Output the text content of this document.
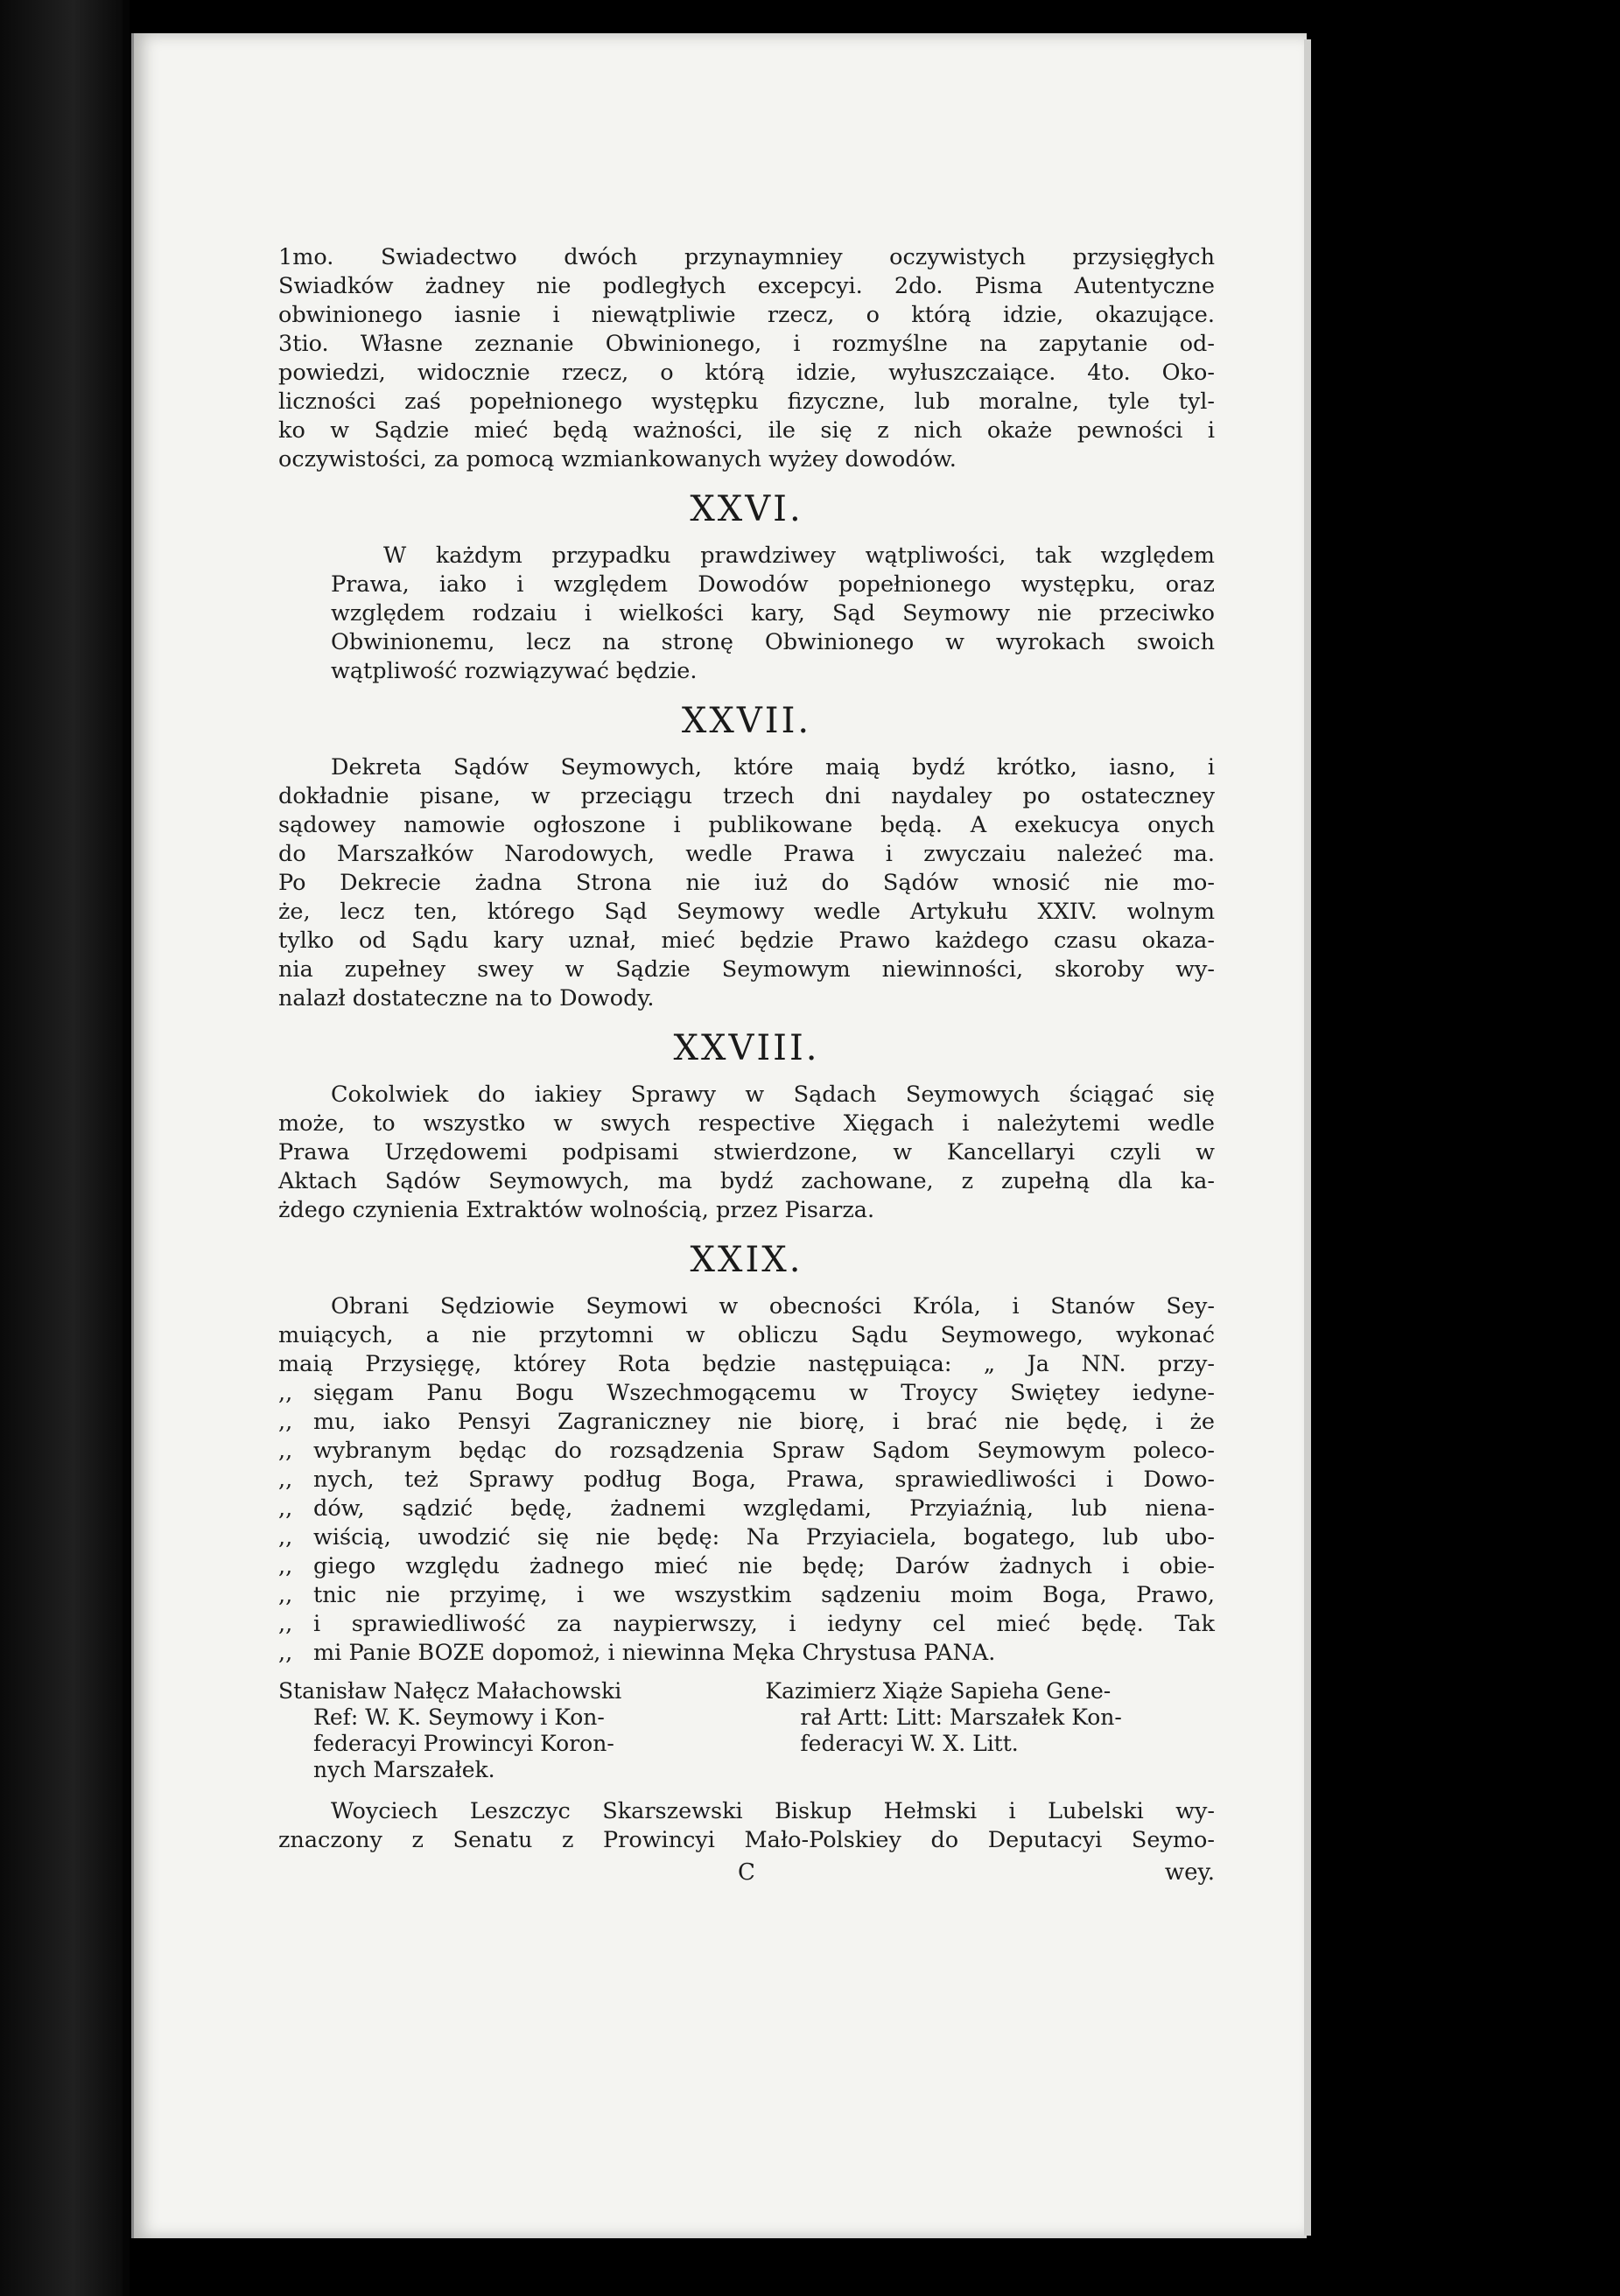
1mo. Swiadectwo dwóch przynaymniey oczywistych przysięgłych
Swiadków żadney nie podległych excepcyi. 2do. Pisma Autentyczne
obwinionego iasnie i niewątpliwie rzecz, o którą idzie, okazujące.
3tio. Własne zeznanie Obwinionego, i rozmyślne na zapytanie od-
powiedzi, widocznie rzecz, o którą idzie, wyłuszczaiące. 4to. Oko-
liczności zaś popełnionego występku fizyczne, lub moralne, tyle tyl-
ko w Sądzie mieć będą ważności, ile się z nich okaże pewności i
oczywistości, za pomocą wzmiankowanych wyżey dowodów.
XXVI.
W każdym przypadku prawdziwey wątpliwości, tak względem
Prawa, iako i względem Dowodów popełnionego występku, oraz
względem rodzaiu i wielkości kary, Sąd Seymowy nie przeciwko
Obwinionemu, lecz na stronę Obwinionego w wyrokach swoich
wątpliwość rozwiązywać będzie.
XXVII.
Dekreta Sądów Seymowych, które maią bydź krótko, iasno, i
dokładnie pisane, w przeciągu trzech dni naydaley po ostateczney
sądowey namowie ogłoszone i publikowane będą. A exekucya onych
do Marszałków Narodowych, wedle Prawa i zwyczaiu należeć ma.
Po Dekrecie żadna Strona nie iuż do Sądów wnosić nie mo-
że, lecz ten, którego Sąd Seymowy wedle Artykułu XXIV. wolnym
tylko od Sądu kary uznał, mieć będzie Prawo każdego czasu okaza-
nia zupełney swey w Sądzie Seymowym niewinności, skoroby wy-
nalazł dostateczne na to Dowody.
XXVIII.
Cokolwiek do iakiey Sprawy w Sądach Seymowych ściągać się
może, to wszystko w swych respective Xięgach i należytemi wedle
Prawa Urzędowemi podpisami stwierdzone, w Kancellaryi czyli w
Aktach Sądów Seymowych, ma bydź zachowane, z zupełną dla ka-
żdego czynienia Extraktów wolnością, przez Pisarza.
XXIX.
Obrani Sędziowie Seymowi w obecności Króla, i Stanów Sey-
muiących, a nie przytomni w obliczu Sądu Seymowego, wykonać
maią Przysięgę, którey Rota będzie następuiąca: „ Ja NN. przy-
,, sięgam Panu Bogu Wszechmogącemu w Troycy Swiętey iedyne-
,, mu, iako Pensyi Zagraniczney nie biorę, i brać nie będę, i że
,, wybranym będąc do rozsądzenia Spraw Sądom Seymowym poleco-
,, nych, też Sprawy podług Boga, Prawa, sprawiedliwości i Dowo-
,, dów, sądzić będę, żadnemi względami, Przyiaźnią, lub niena-
,, wiścią, uwodzić się nie będę: Na Przyiaciela, bogatego, lub ubo-
,, giego względu żadnego mieć nie będę; Darów żadnych i obie-
,, tnic nie przyimę, i we wszystkim sądzeniu moim Boga, Prawo,
,, i sprawiedliwość za naypierwszy, i iedyny cel mieć będę. Tak
,, mi Panie BOZE dopomoż, i niewinna Męka Chrystusa PANA.
Stanisław Nałęcz Małachowski
Ref: W. K. Seymowy i Kon-
federacyi Prowincyi Koron-
nych Marszałek.
Kazimierz Xiąże Sapieha Gene-
rał Artt: Litt: Marszałek Kon-
federacyi W. X. Litt.
Woyciech Leszczyc Skarszewski Biskup Hełmski i Lubelski wy-
znaczony z Senatu z Prowincyi Mało-Polskiey do Deputacyi Seymo-
C	wey.
